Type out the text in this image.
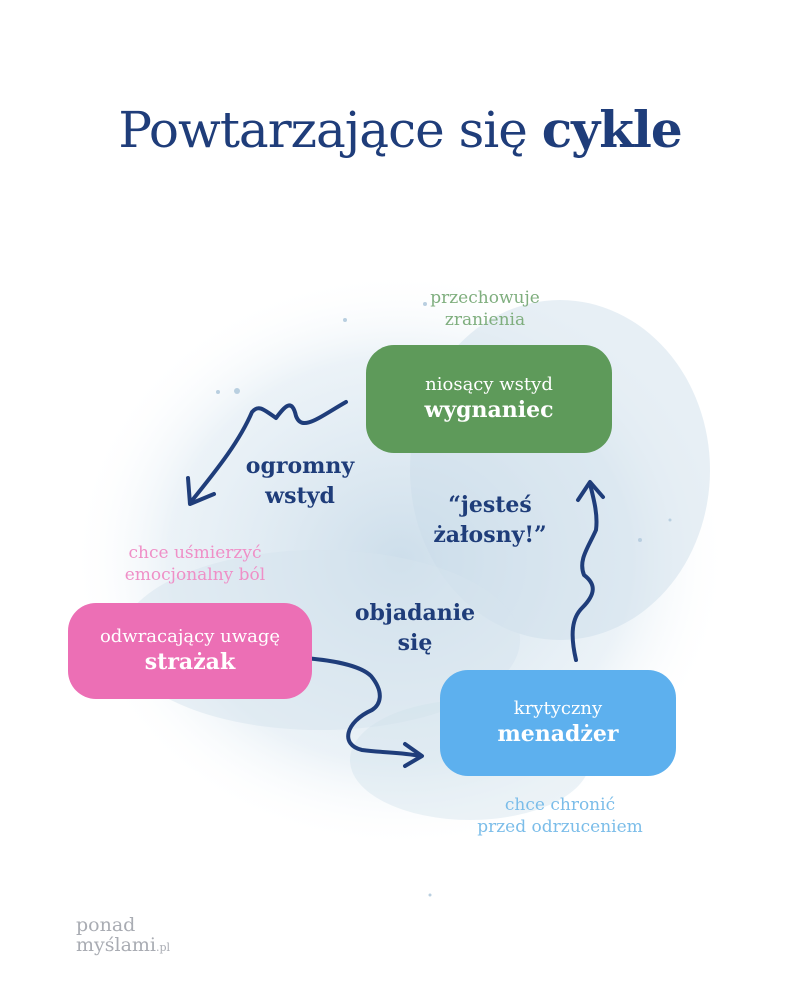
Powtarzające się cykle
przechowuje
zranienia
niosący wstyd
wygnaniec
chce uśmierzyć
emocjonalny ból
odwracający uwagę
strażak
krytyczny
menadżer
chce chronić
przed odrzuceniem
ogromny
wstyd
objadanie
się
“jesteś
żałosny!”
ponad
myślami.pl
